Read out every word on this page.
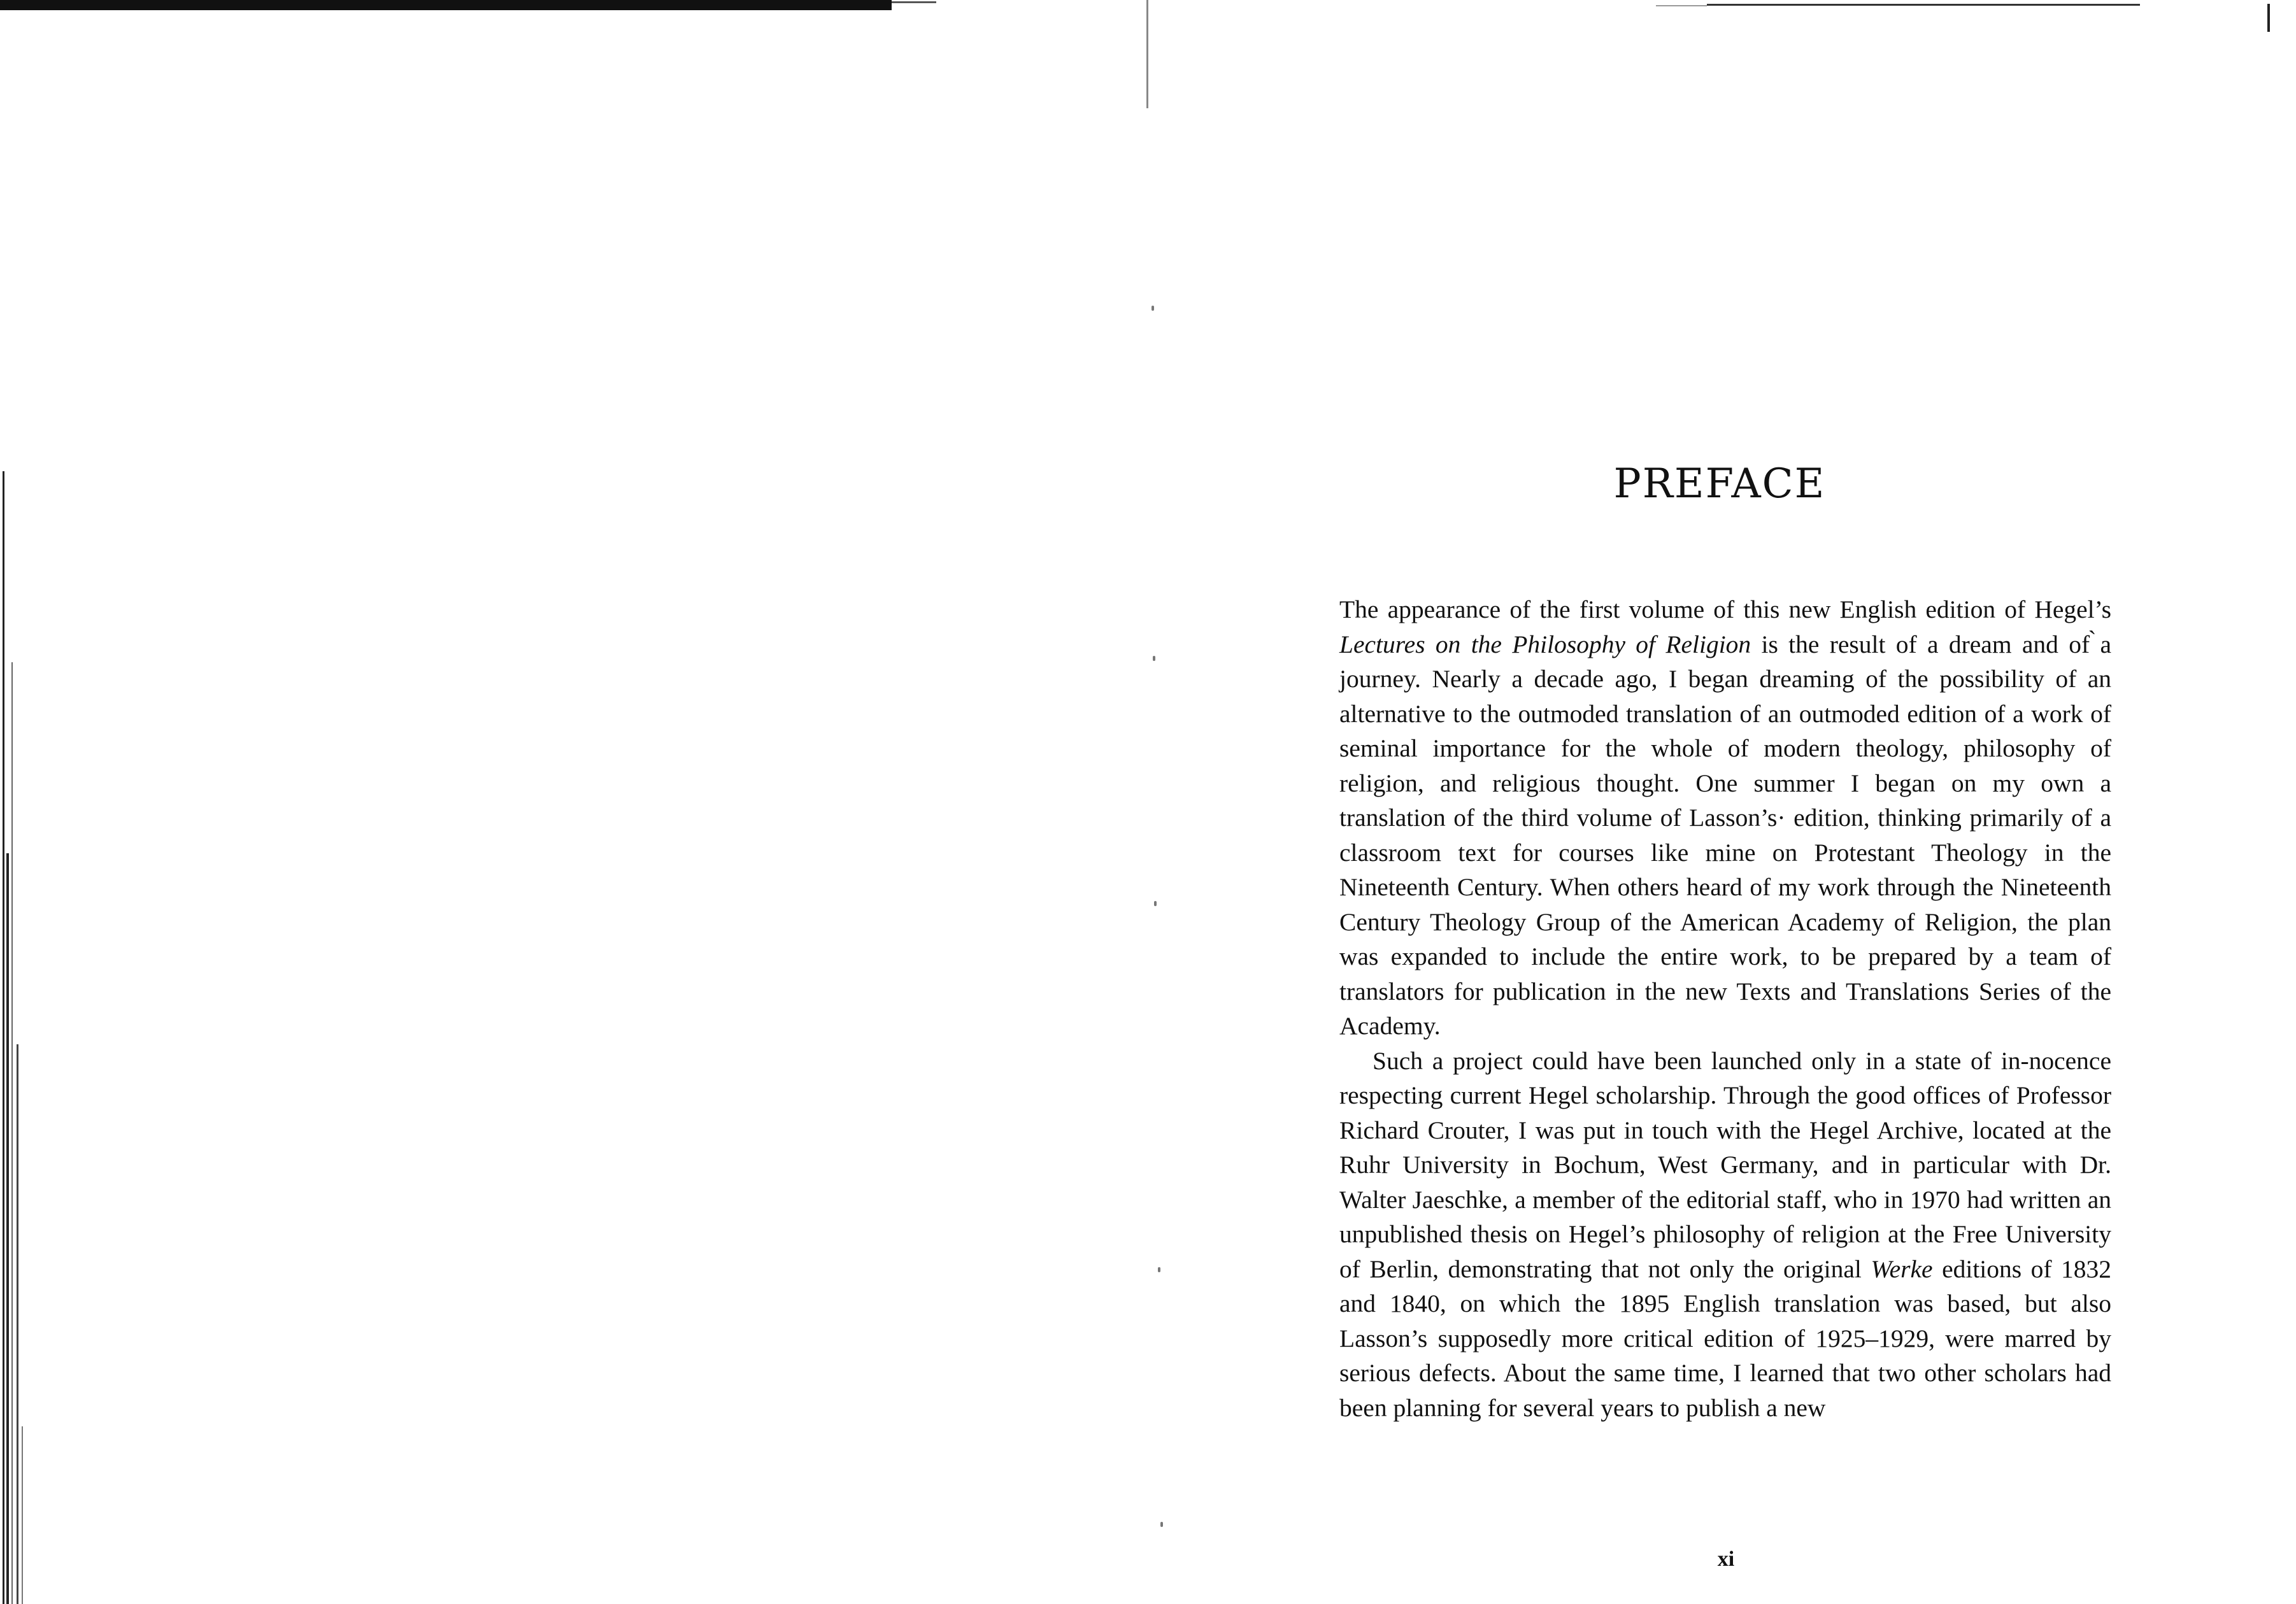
PREFACE

The appearance of the first volume of this new English edition of Hegel’s Lectures on the Philosophy of Religion is the result of a dream and of ̀a journey. Nearly a decade ago, I began dreaming of the possibility of an alternative to the outmoded translation of an outmoded edition of a work of seminal importance for the whole of modern theology, philosophy of religion, and religious thought. One summer I began on my own a translation of the third volume of Lasson’s· edition, thinking primarily of a classroom text for courses like mine on Protestant Theology in the Nineteenth Century. When others heard of my work through the Nineteenth Century Theology Group of the American Academy of Religion, the plan was expanded to include the entire work, to be prepared by a team of translators for publication in the new Texts and Translations Series of the Academy.

Such a project could have been launched only in a state of in-nocence respecting current Hegel scholarship. Through the good offices of Professor Richard Crouter, I was put in touch with the Hegel Archive, located at the Ruhr University in Bochum, West Germany, and in particular with Dr. Walter Jaeschke, a member of the editorial staff, who in 1970 had written an unpublished thesis on Hegel’s philosophy of religion at the Free University of Berlin, demonstrating that not only the original Werke editions of 1832 and 1840, on which the 1895 English translation was based, but also Lasson’s supposedly more critical edition of 1925–1929, were marred by serious defects. About the same time, I learned that two other scholars had been planning for several years to publish a new

xi
